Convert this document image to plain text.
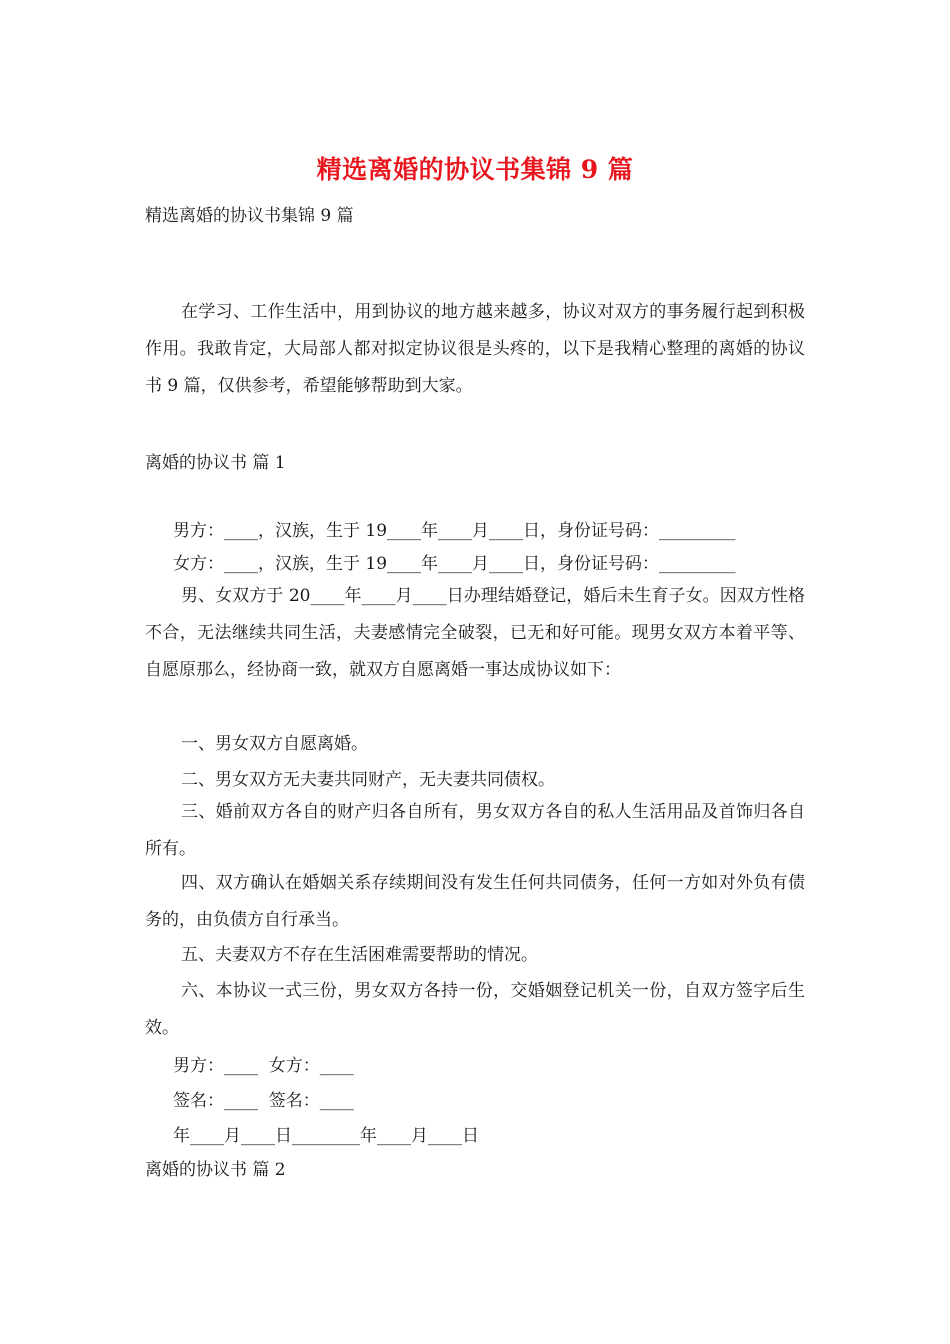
精选离婚的协议书集锦 9 篇
精选离婚的协议书集锦 9 篇
在学习、工作生活中，用到协议的地方越来越多，协议对双方的事务履行起到积极作用。我敢肯定，大局部人都对拟定协议很是头疼的，以下是我精心整理的离婚的协议书 9 篇，仅供参考，希望能够帮助到大家。
离婚的协议书 篇 1
男方：____，汉族，生于 19____年____月____日，身份证号码：_________
女方：____，汉族，生于 19____年____月____日，身份证号码：_________
男、女双方于 20____年____月____日办理结婚登记，婚后未生育子女。因双方性格不合，无法继续共同生活，夫妻感情完全破裂，已无和好可能。现男女双方本着平等、自愿原那么，经协商一致，就双方自愿离婚一事达成协议如下：
一、男女双方自愿离婚。
二、男女双方无夫妻共同财产，无夫妻共同债权。
三、婚前双方各自的财产归各自所有，男女双方各自的私人生活用品及首饰归各自所有。
四、双方确认在婚姻关系存续期间没有发生任何共同债务，任何一方如对外负有债务的，由负债方自行承当。
五、夫妻双方不存在生活困难需要帮助的情况。
六、本协议一式三份，男女双方各持一份，交婚姻登记机关一份，自双方签字后生效。
男方：____  女方：____
签名：____  签名：____
年____月____日________年____月____日
离婚的协议书 篇 2
